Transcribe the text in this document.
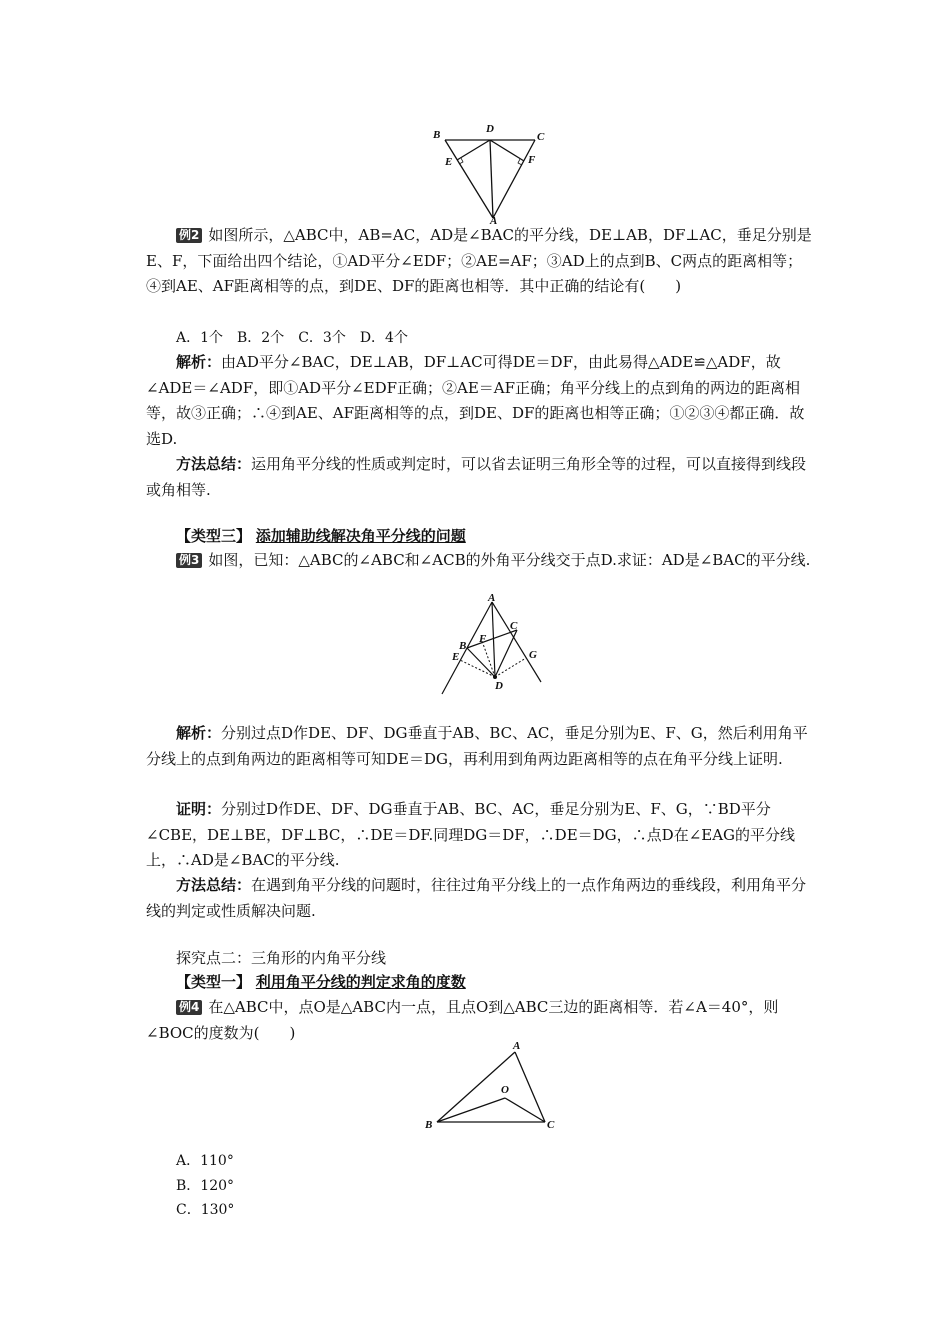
B	D
C
E	F
A

例2 如图所示，△ABC中，AB=AC，AD是∠BAC的平分线，DE⊥AB，DF⊥AC，垂足分别是E、F，下面给出四个结论，①AD平分∠EDF；②AE=AF；③AD上的点到B、C两点的距离相等；④到AE、AF距离相等的点，到DE、DF的距离也相等．其中正确的结论有(　　)

A．1个　B．2个　C．3个　D．4个

解析：由AD平分∠BAC，DE⊥AB，DF⊥AC可得DE＝DF，由此易得△ADE≌△ADF，故∠ADE＝∠ADF，即①AD平分∠EDF正确；②AE＝AF正确；角平分线上的点到角的两边的距离相等，故③正确；∴④到AE、AF距离相等的点，到DE、DF的距离也相等正确；①②③④都正确．故选D.

方法总结：运用角平分线的性质或判定时，可以省去证明三角形全等的过程，可以直接得到线段或角相等.

【类型三】 添加辅助线解决角平分线的问题

例3 如图，已知：△ABC的∠ABC和∠ACB的外角平分线交于点D.求证：AD是∠BAC的平分线.

A
B
F
C
E	G
D

解析：分别过点D作DE、DF、DG垂直于AB、BC、AC，垂足分别为E、F、G，然后利用角平分线上的点到角两边的距离相等可知DE＝DG，再利用到角两边距离相等的点在角平分线上证明.

证明：分别过D作DE、DF、DG垂直于AB、BC、AC，垂足分别为E、F、G，∵BD平分∠CBE，DE⊥BE，DF⊥BC，∴DE＝DF.同理DG＝DF，∴DE＝DG，∴点D在∠EAG的平分线上，∴AD是∠BAC的平分线.

方法总结：在遇到角平分线的问题时，往往过角平分线上的一点作角两边的垂线段，利用角平分线的判定或性质解决问题.

探究点二：三角形的内角平分线

【类型一】 利用角平分线的判定求角的度数

例4 在△ABC中，点O是△ABC内一点，且点O到△ABC三边的距离相等．若∠A＝40°，则∠BOC的度数为(　　)

A
O
B	C

A．110°

B．120°

C．130°
